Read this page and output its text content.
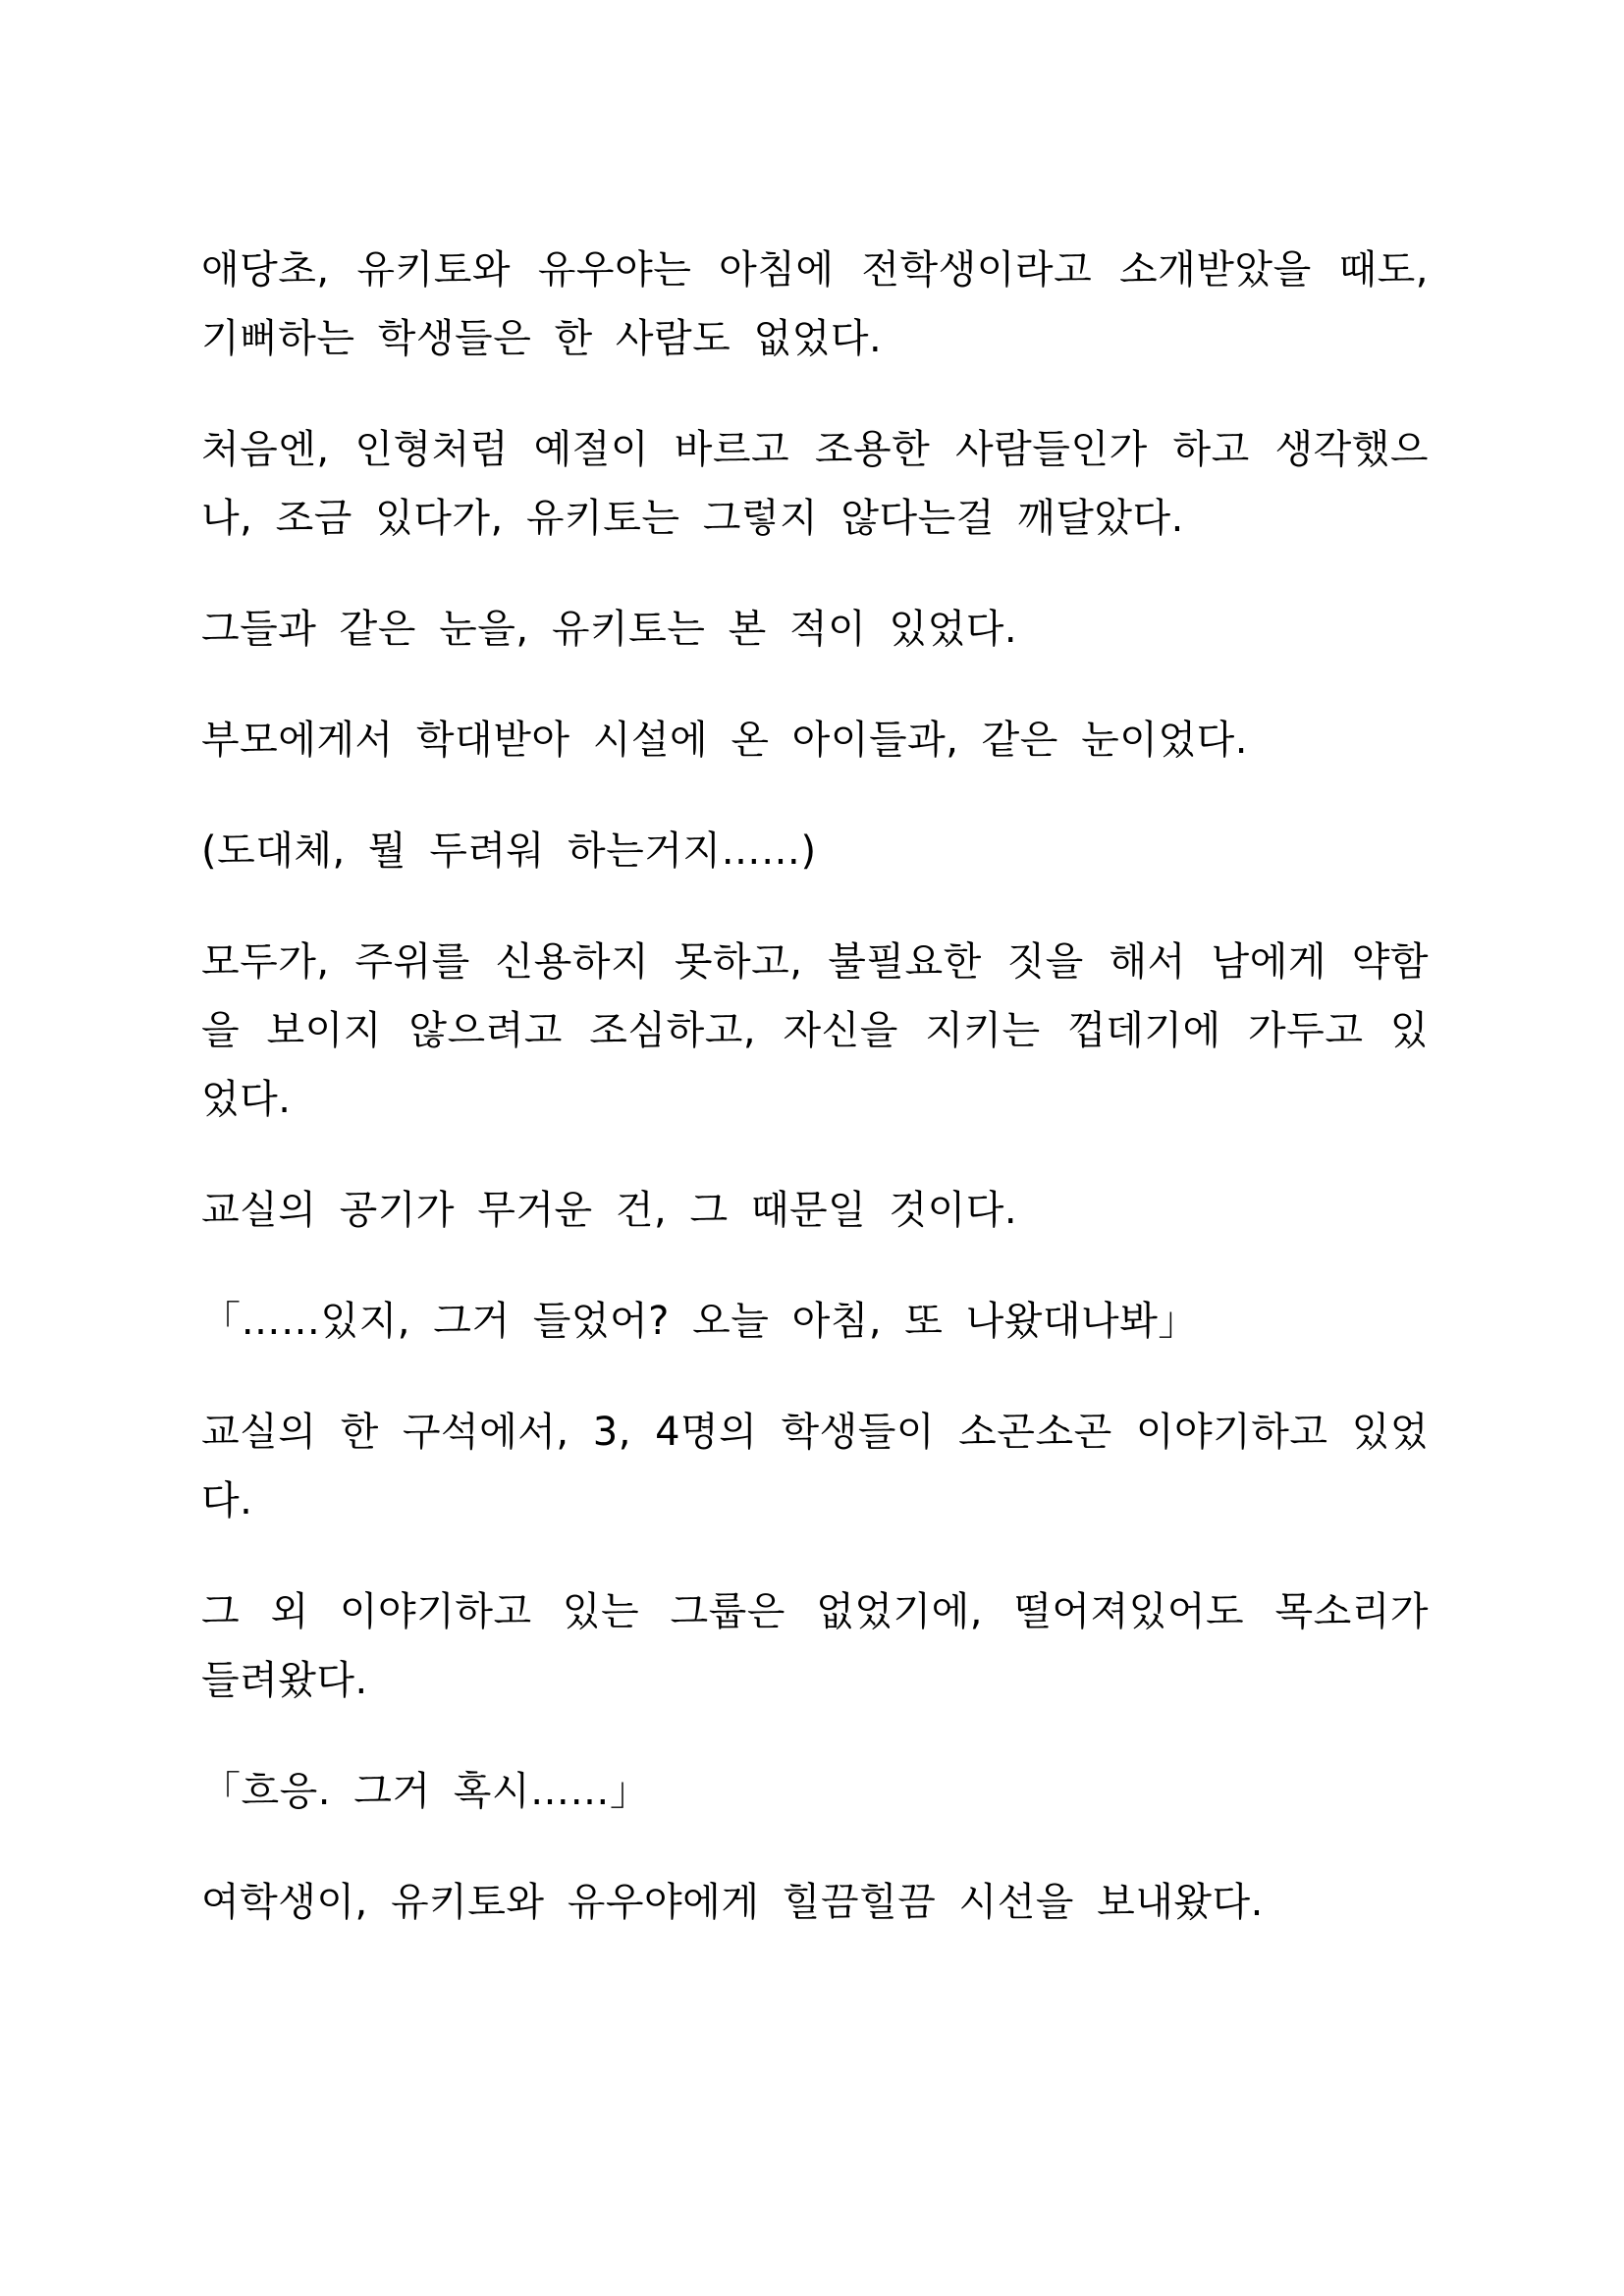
애당초, 유키토와 유우야는 아침에 전학생이라고 소개받았을 때도, 기뻐하는 학생들은 한 사람도 없었다.

처음엔, 인형처럼 예절이 바르고 조용한 사람들인가 하고 생각했으나, 조금 있다가, 유키토는 그렇지 않다는걸 깨달았다.

그들과 같은 눈을, 유키토는 본 적이 있었다.

부모에게서 학대받아 시설에 온 아이들과, 같은 눈이었다.

(도대체, 뭘 두려워 하는거지……)

모두가, 주위를 신용하지 못하고, 불필요한 짓을 해서 남에게 약함을 보이지 않으려고 조심하고, 자신을 지키는 껍데기에 가두고 있었다.

교실의 공기가 무거운 건, 그 때문일 것이다.

「……있지, 그거 들었어? 오늘 아침, 또 나왔대나봐」

교실의 한 구석에서, 3, 4명의 학생들이 소곤소곤 이야기하고 있었다.

그 외 이야기하고 있는 그룹은 없었기에, 떨어져있어도 목소리가 들려왔다.

「흐응. 그거 혹시……」

여학생이, 유키토와 유우야에게 힐끔힐끔 시선을 보내왔다.
